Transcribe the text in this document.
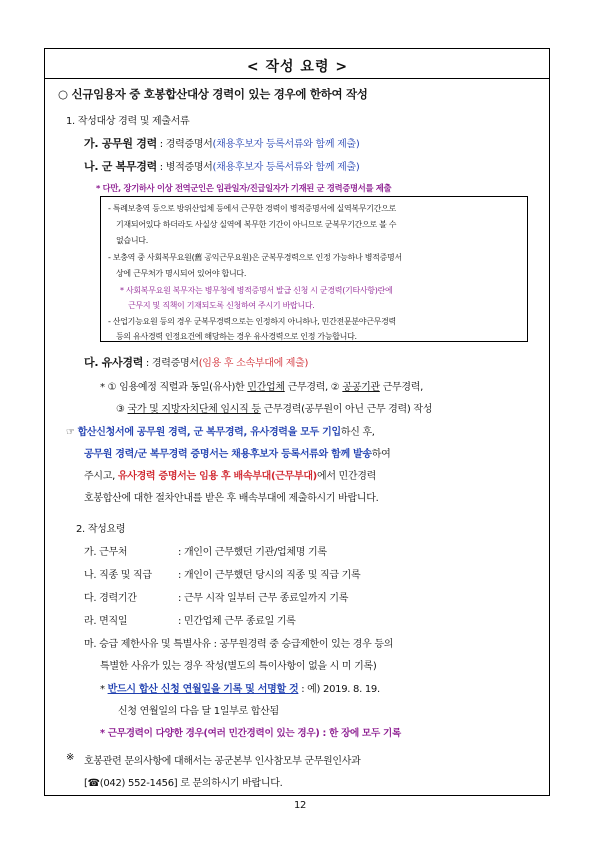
< 작성 요령 >
○ 신규임용자 중 호봉합산대상 경력이 있는 경우에 한하여 작성
1. 작성대상 경력 및 제출서류
가. 공무원 경력 : 경력증명서(채용후보자 등록서류와 함께 제출)
나. 군 복무경력 : 병적증명서(채용후보자 등록서류와 함께 제출)
* 다만, 장기하사 이상 전역군인은 임관일자/진급일자가 기재된 군 경력증명서를 제출
- 특례보충역 등으로 방위산업체 등에서 근무한 경력이 병적증명서에 실역복무기간으로
기재되어있다 하더라도 사실상 실역에 복무한 기간이 아니므로 군복무기간으로 볼 수
없습니다.
- 보충역 중 사회복무요원(舊 공익근무요원)은 군복무경력으로 인정 가능하나 병적증명서
상에 근무처가 명시되어 있어야 합니다.
* 사회복무요원 복무자는 병무청에 병적증명서 발급 신청 시 군경력(기타사항)란에
근무지 및 직책이 기재되도록 신청하여 주시기 바랍니다.
- 산업기능요원 등의 경우 군복무경력으로는 인정하지 아니하나, 민간전문분야근무경력
등의 유사경력 인정요건에 해당하는 경우 유사경력으로 인정 가능합니다.
다. 유사경력 : 경력증명서(임용 후 소속부대에 제출)
* ① 임용예정 직렬과 동일(유사)한 민간업체 근무경력, ② 공공기관 근무경력,
③ 국가 및 지방자치단체 임시직 등 근무경력(공무원이 아닌 근무 경력) 작성
☞ 합산신청서에 공무원 경력, 군 복무경력, 유사경력을 모두 기입하신 후,
공무원 경력/군 복무경력 증명서는 채용후보자 등록서류와 함께 발송하여
주시고, 유사경력 증명서는 임용 후 배속부대(근무부대)에서 민간경력
호봉합산에 대한 절차안내를 받은 후 배속부대에 제출하시기 바랍니다.
2. 작성요령
가. 근무처	: 개인이 근무했던 기관/업체명 기록
나. 직종 및 직급	: 개인이 근무했던 당시의 직종 및 직급 기록
다. 경력기간	: 근무 시작 일부터 근무 종료일까지 기록
라. 면직일	: 민간업체 근무 종료일 기록
마. 승급 제한사유 및 특별사유 : 공무원경력 중 승급제한이 있는 경우 등의
특별한 사유가 있는 경우 작성(별도의 특이사항이 없을 시 미 기록)
* 반드시 합산 신청 연월일을 기록 및 서명할 것 : 예) 2019. 8. 19.
신청 연월일의 다음 달 1일부로 합산됨
* 근무경력이 다양한 경우(여러 민간경력이 있는 경우) : 한 장에 모두 기록
12
※ 호봉관련 문의사항에 대해서는 공군본부 인사참모부 군무원인사과
[☎(042) 552-1456] 로 문의하시기 바랍니다.
